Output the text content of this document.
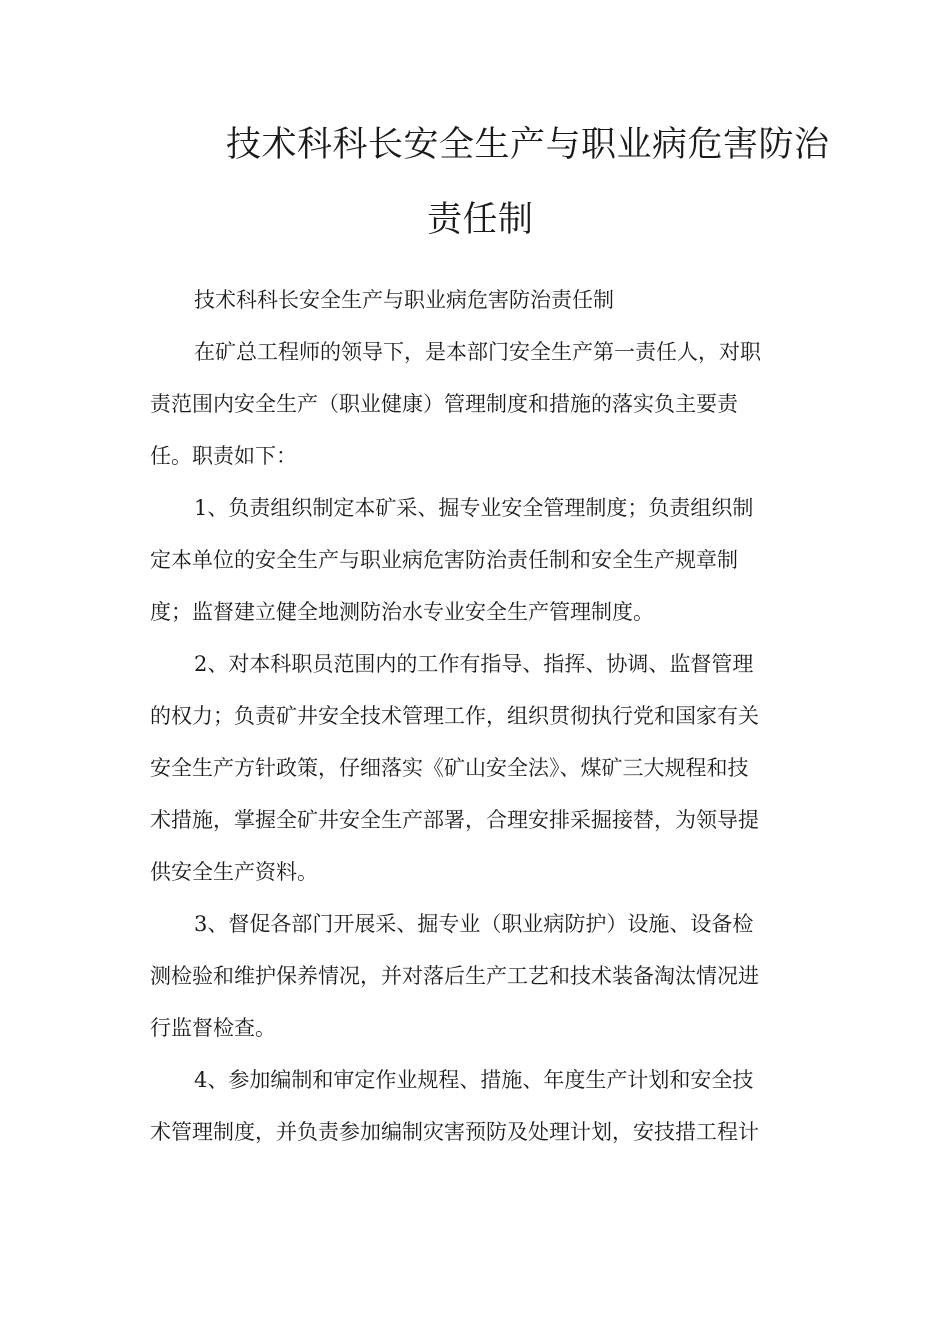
技术科科长安全生产与职业病危害防治
责任制
技术科科长安全生产与职业病危害防治责任制
在矿总工程师的领导下，是本部门安全生产第一责任人，对职
责范围内安全生产（职业健康）管理制度和措施的落实负主要责
任。职责如下：
1、负责组织制定本矿采、掘专业安全管理制度；负责组织制
定本单位的安全生产与职业病危害防治责任制和安全生产规章制
度；监督建立健全地测防治水专业安全生产管理制度。
2、对本科职员范围内的工作有指导、指挥、协调、监督管理
的权力；负责矿井安全技术管理工作，组织贯彻执行党和国家有关
安全生产方针政策，仔细落实《矿山安全法》、煤矿三大规程和技
术措施，掌握全矿井安全生产部署，合理安排采掘接替，为领导提
供安全生产资料。
3、督促各部门开展采、掘专业（职业病防护）设施、设备检
测检验和维护保养情况，并对落后生产工艺和技术装备淘汰情况进
行监督检查。
4、参加编制和审定作业规程、措施、年度生产计划和安全技
术管理制度，并负责参加编制灾害预防及处理计划，安技措工程计
